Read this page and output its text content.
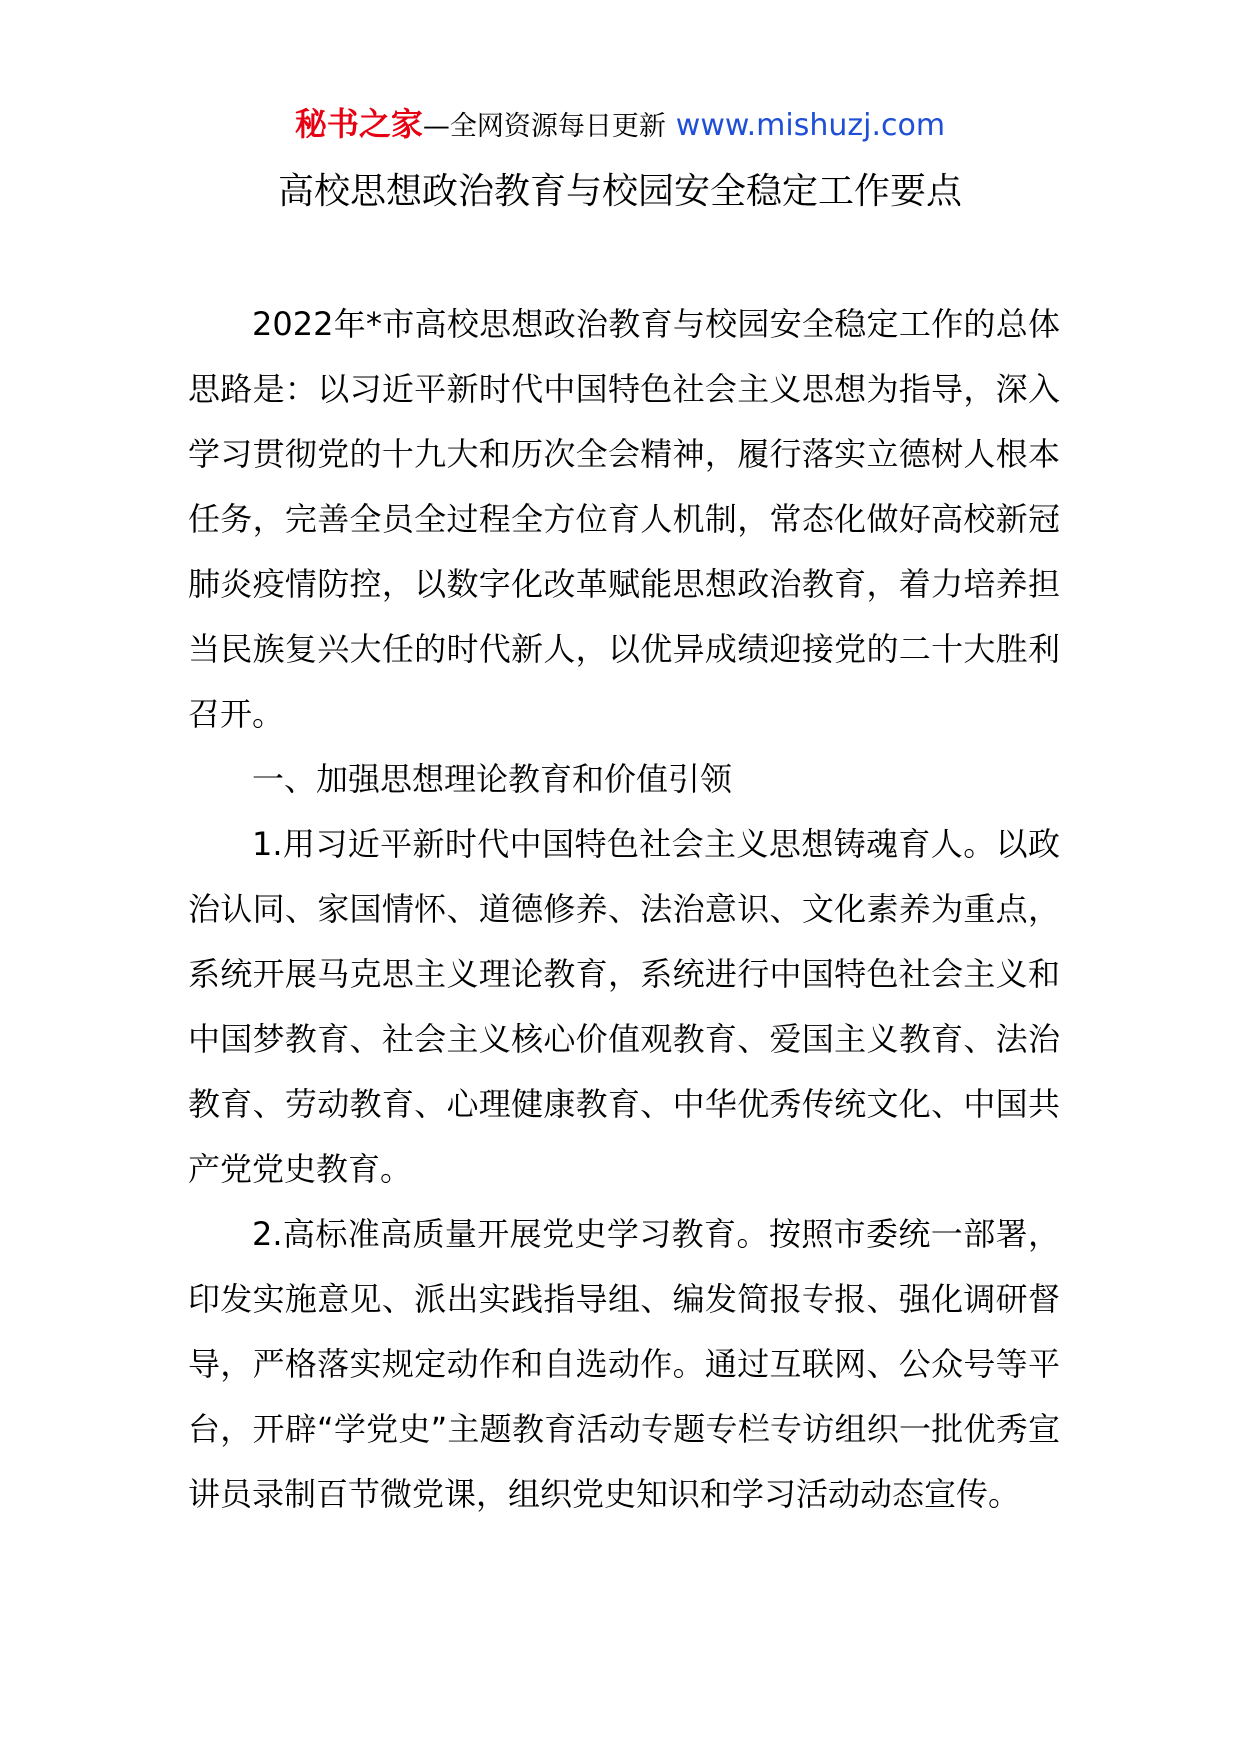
秘书之家—全网资源每日更新 www.mishuzj.com
高校思想政治教育与校园安全稳定工作要点

2022年*市高校思想政治教育与校园安全稳定工作的总体思路是：以习近平新时代中国特色社会主义思想为指导，深入学习贯彻党的十九大和历次全会精神，履行落实立德树人根本任务，完善全员全过程全方位育人机制，常态化做好高校新冠肺炎疫情防控，以数字化改革赋能思想政治教育，着力培养担当民族复兴大任的时代新人，以优异成绩迎接党的二十大胜利召开。

一、加强思想理论教育和价值引领

1.用习近平新时代中国特色社会主义思想铸魂育人。以政治认同、家国情怀、道德修养、法治意识、文化素养为重点，系统开展马克思主义理论教育，系统进行中国特色社会主义和中国梦教育、社会主义核心价值观教育、爱国主义教育、法治教育、劳动教育、心理健康教育、中华优秀传统文化、中国共产党党史教育。

2.高标准高质量开展党史学习教育。按照市委统一部署，印发实施意见、派出实践指导组、编发简报专报、强化调研督导，严格落实规定动作和自选动作。通过互联网、公众号等平台，开辟“学党史”主题教育活动专题专栏专访组织一批优秀宣讲员录制百节微党课，组织党史知识和学习活动动态宣传。
